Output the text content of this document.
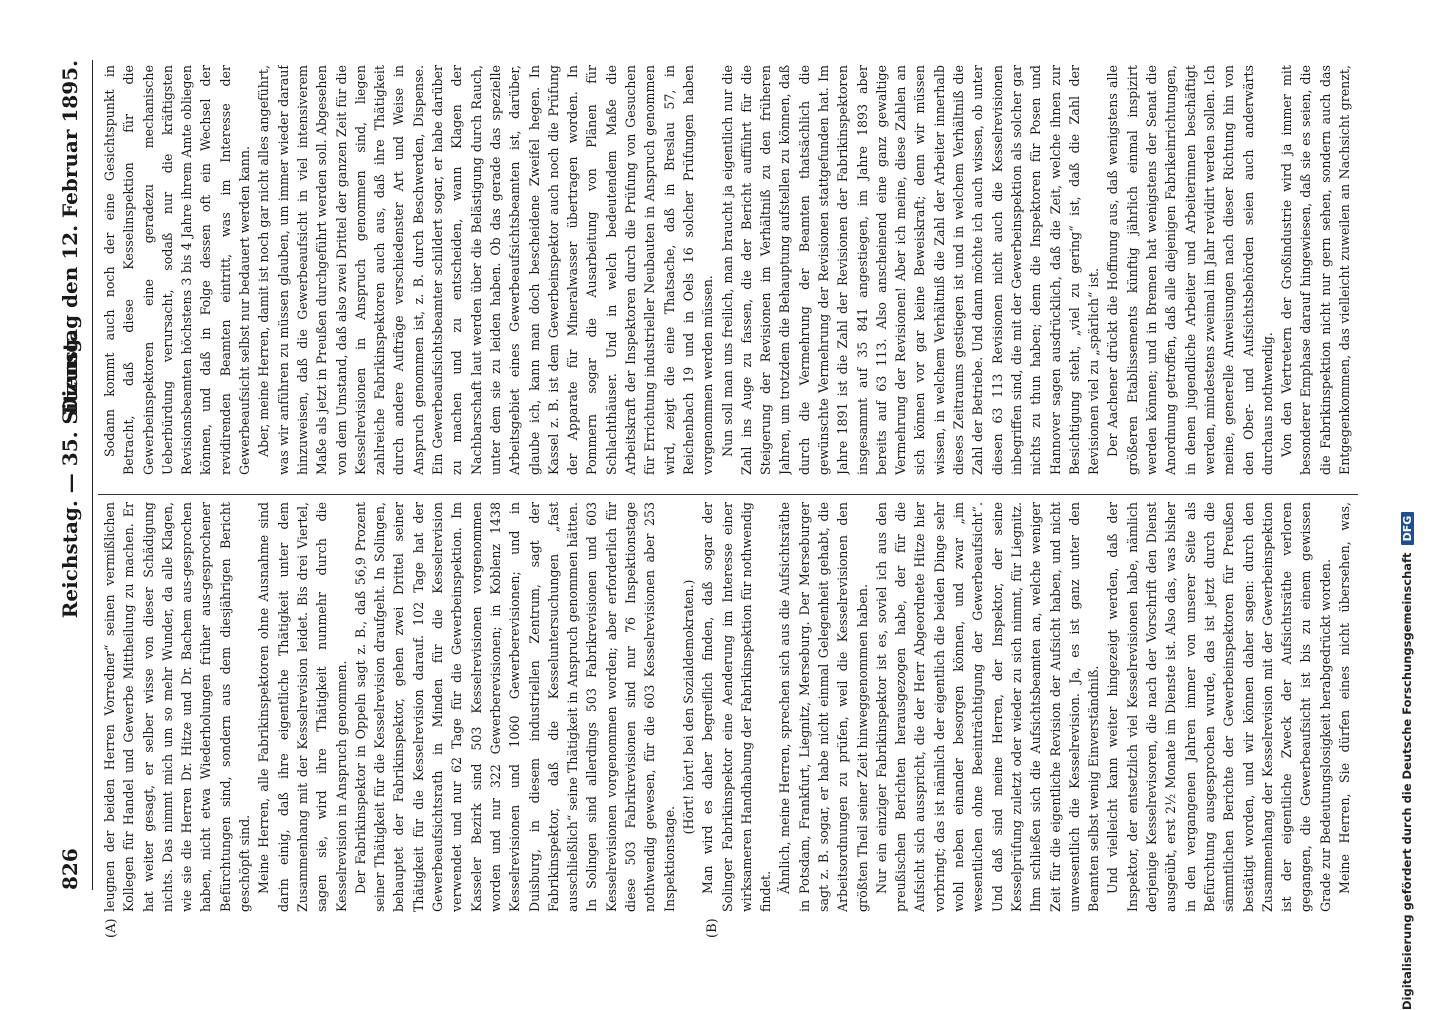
826
Reichstag. — 35. Sitzung.
Dienstag den 12. Februar 1895.
(A)	(B)

leugnen der beiden Herren Vorredner“ seinen vermißlichen Kollegen für Handel und Gewerbe Mittheilung zu machen. Er hat weiter gesagt, er selber wisse von dieser Schädigung nichts. Das nimmt mich um so mehr Wunder, da alle Klagen, wie sie die Herren Dr. Hitze und Dr. Bachem aus-gesprochen haben, nicht etwa Wiederholungen früher aus-gesprochener Befürchtungen sind, sondern aus dem diesjährigen Bericht geschöpft sind. Meine Herren, alle Fabrikinspektoren ohne Ausnahme sind darin einig, daß ihre eigentliche Thätigkeit unter dem Zusammenhang mit der Kesselrevision leidet. Bis drei Viertel, sagen sie, wird ihre Thätigkeit nunmehr durch die Kesselrevision in Anspruch genommen. Der Fabrikinspektor in Oppeln sagt z. B., daß 56,9 Prozent seiner Thätigkeit für die Kesselrevision draufgeht. In Solingen, behauptet der Fabrikinspektor, gehen zwei Drittel seiner Thätigkeit für die Kesselrevision darauf. 102 Tage hat der Gewerbeaufsichtsrath in Minden für die Kesselrevision verwendet und nur 62 Tage für die Gewerbeinspektion. Im Kasseler Bezirk sind 503 Kesselrevisionen vorgenommen worden und nur 322 Gewerberevisionen; in Koblenz 1438 Kesselrevisionen und 1060 Gewerberevisionen; und in Duisburg, in diesem industriellen Zentrum, sagt der Fabrikinspektor, daß die Kesseluntersuchungen „fast ausschließlich“ seine Thätigkeit in Anspruch genommen hätten. In Solingen sind allerdings 503 Fabrikrevisionen und 603 Kesselrevisionen vorgenommen worden; aber erforderlich für diese 503 Fabrikrevisionen sind nur 76 Inspektionstage nothwendig gewesen, für die 603 Kesselrevisionen aber 253 Inspektionstage.

(Hört! hört! bei den Sozialdemokraten.) Man wird es daher begreiflich finden, daß sogar der Solinger Fabrikinspektor eine Aenderung im Interesse einer wirksameren Handhabung der Fabrikinspektion für nothwendig findet. Ähnlich, meine Herren, sprechen sich aus die Aufsichtsräthe in Potsdam, Frankfurt, Liegnitz, Merseburg. Der Merseburger sagt z. B. sogar, er habe nicht einmal Gelegenheit gehabt, die Arbeitsordnungen zu prüfen, weil die Kesselrevisionen den größten Theil seiner Zeit hinweggenommen haben. Nur ein einziger Fabrikinspektor ist es, soviel ich aus den preußischen Berichten herausgezogen habe, der für die Aufsicht sich ausspricht, die der Herr Abgeordnete Hitze hier vorbringt; das ist nämlich der eigentlich die beiden Dinge sehr wohl neben einander besorgen können, und zwar „im wesentlichen ohne Beeinträchtigung der Gewerbeaufsicht“. Und daß sind meine Herren, der Inspektor, der seine Kesselprüfung zuletzt oder wieder zu sich nimmt, für Liegnitz. Ihm schließen sich die Aufsichtsbeamten an, welche weniger Zeit für die eigentliche Revision der Aufsicht haben, und nicht unwesentlich die Kesselrevision. Ja, es ist ganz unter den Beamten selbst wenig Einverständniß. Und vielleicht kann weiter hingezeigt werden, daß der Inspektor, der entsetzlich viel Kesselrevisionen habe, nämlich derjenige Kesselrevisoren, die nach der Vorschrift den Dienst ausgeübt, erst 2½ Monate im Dienste ist. Also das, was bisher in den vergangenen Jahren immer von unserer Seite als Befürchtung ausgesprochen wurde, das ist jetzt durch die sämmtlichen Berichte der Gewerbeinspektoren für Preußen bestätigt worden, und wir können daher sagen: durch den Zusammenhang der Kesselrevision mit der Gewerbeinspektion ist der eigentliche Zweck der Aufsichtsräthe verloren gegangen, die Gewerbeaufsicht ist bis zu einem gewissen Grade zur Bedeutungslosigkeit herabgedrückt worden. Meine Herren, Sie dürfen eines nicht übersehen, was,

Sodann kommt auch noch der eine Gesichtspunkt in Betracht, daß diese Kesselinspektion für die Gewerbeinspektoren eine geradezu mechanische Ueberbürdung verursacht, sodaß nur die kräftigsten Revisionsbeamten höchstens 3 bis 4 Jahre ihrem Amte obliegen können, und daß in Folge dessen oft ein Wechsel der revidirenden Beamten eintritt, was im Interesse der Gewerbeaufsicht selbst nur bedauert werden kann. Aber, meine Herren, damit ist noch gar nicht alles angeführt, was wir anführen zu müssen glauben, um immer wieder darauf hinzuweisen, daß die Gewerbeaufsicht in viel intensiverem Maße als jetzt in Preußen durchgeführt werden soll. Abgesehen von dem Umstand, daß also zwei Drittel der ganzen Zeit für die Kesselrevisionen in Anspruch genommen sind, liegen zahlreiche Fabrikinspektoren auch aus, daß ihre Thätigkeit durch andere Aufträge verschiedenster Art und Weise in Anspruch genommen ist, z. B. durch Beschwerden, Dispense. Ein Gewerbeaufsichtsbeamter schildert sogar, er habe darüber zu machen und zu entscheiden, wann Klagen der Nachbarschaft laut werden über die Belästigung durch Rauch, unter dem sie zu leiden haben. Ob das gerade das spezielle Arbeitsgebiet eines Gewerbeaufsichtsbeamten ist, darüber, glaube ich, kann man doch bescheidene Zweifel hegen. In Kassel z. B. ist dem Gewerbeinspektor auch noch die Prüfung der Apparate für Mineralwasser übertragen worden. In Pommern sogar die Ausarbeitung von Plänen für Schlachthäuser. Und in welch bedeutendem Maße die Arbeitskraft der Inspektoren durch die Prüfung von Gesuchen für Errichtung industrieller Neubauten in Anspruch genommen wird, zeigt die eine Thatsache, daß in Breslau 57, in Reichenbach 19 und in Oels 16 solcher Prüfungen haben vorgenommen werden müssen. Nun soll man uns freilich, man braucht ja eigentlich nur die Zahl ins Auge zu fassen, die der Bericht aufführt für die Steigerung der Revisionen im Verhältniß zu den früheren Jahren, um trotzdem die Behauptung aufstellen zu können, daß durch die Vermehrung der Beamten thatsächlich die gewünschte Vermehrung der Revisionen stattgefunden hat. Im Jahre 1891 ist die Zahl der Revisionen der Fabrikinspektoren insgesammt auf 35 841 angestiegen, im Jahre 1893 aber bereits auf 63 113. Also anscheinend eine ganz gewaltige Vermehrung der Revisionen! Aber ich meine, diese Zahlen an sich können vor gar keine Beweiskraft; denn wir müssen wissen, in welchem Verhältniß die Zahl der Arbeiter innerhalb dieses Zeitraums gestiegen ist und in welchem Verhältniß die Zahl der Betriebe. Und dann möchte ich auch wissen, ob unter diesen 63 113 Revisionen nicht auch die Kesselrevisionen inbegriffen sind, die mit der Gewerbeinspektion als solcher gar nichts zu thun haben; denn die Inspektoren für Posen und Hannover sagen ausdrücklich, daß die Zeit, welche ihnen zur Besichtigung steht, „viel zu gering“ ist, daß die Zahl der Revisionen viel zu „spärlich“ ist. Der Aachener drückt die Hoffnung aus, daß wenigstens alle größeren Etablissements künftig jährlich einmal inspizirt werden können; und in Bremen hat wenigstens der Senat die Anordnung getroffen, daß alle diejenigen Fabrikeinrichtungen, in denen jugendliche Arbeiter und Arbeiterinnen beschäftigt werden, mindestens zweimal im Jahr revidirt werden sollen. Ich meine, generelle Anweisungen nach dieser Richtung hin von den Ober- und Aufsichtsbehörden seien auch anderwärts durchaus nothwendig. Von den Vertretern der Großindustrie wird ja immer mit besonderer Emphase darauf hingewiesen, daß sie es seien, die die Fabrikinspektion nicht nur gern sehen, sondern auch das Entgegenkommen, das vielleicht zuweilen an Nachsicht grenzt,

Digitalisierung gefördert durch die Deutsche Forschungsgemeinschaft DFG
